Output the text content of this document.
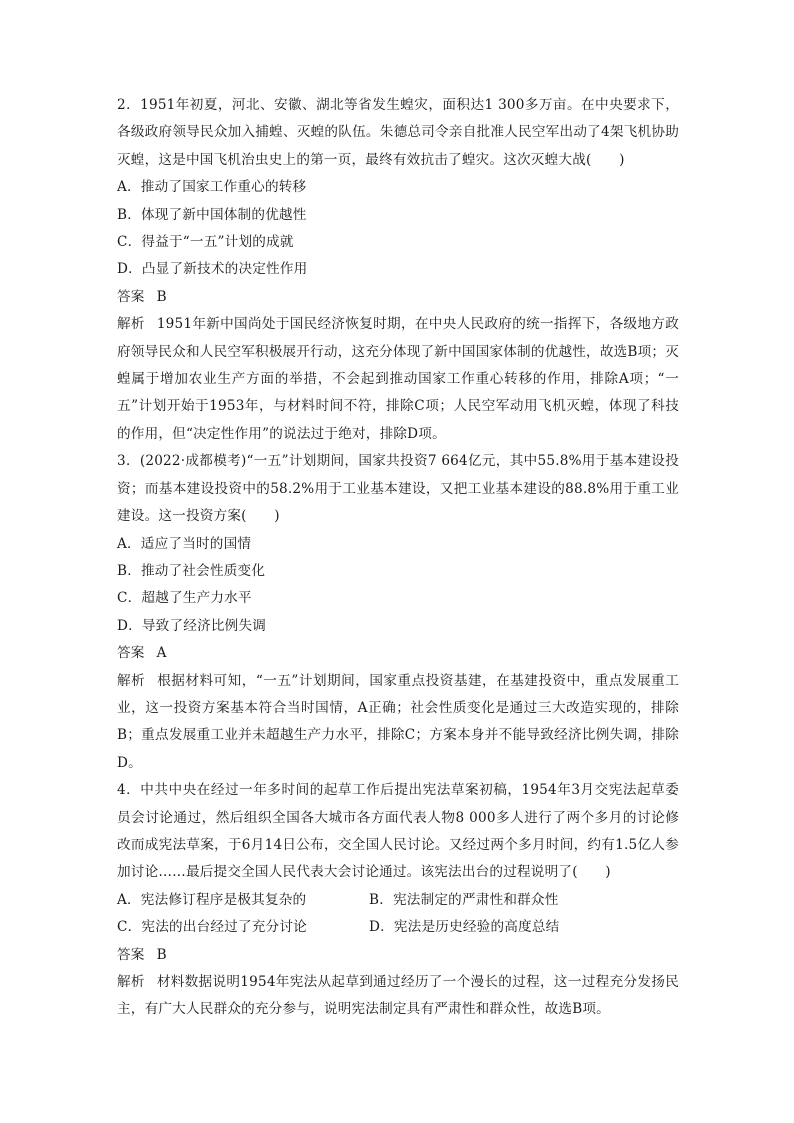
2．1951年初夏，河北、安徽、湖北等省发生蝗灾，面积达1 300多万亩。在中央要求下，各级政府领导民众加入捕蝗、灭蝗的队伍。朱德总司令亲自批准人民空军出动了4架飞机协助灭蝗，这是中国飞机治虫史上的第一页，最终有效抗击了蝗灾。这次灭蝗大战(　　)

A．推动了国家工作重心的转移

B．体现了新中国体制的优越性

C．得益于“一五”计划的成就

D．凸显了新技术的决定性作用

答案 B

解析 1951年新中国尚处于国民经济恢复时期，在中央人民政府的统一指挥下，各级地方政府领导民众和人民空军积极展开行动，这充分体现了新中国国家体制的优越性，故选B项；灭蝗属于增加农业生产方面的举措，不会起到推动国家工作重心转移的作用，排除A项；“一五”计划开始于1953年，与材料时间不符，排除C项；人民空军动用飞机灭蝗，体现了科技的作用，但“决定性作用”的说法过于绝对，排除D项。

3．(2022·成都模考)“一五”计划期间，国家共投资7 664亿元，其中55.8%用于基本建设投资；而基本建设投资中的58.2%用于工业基本建设，又把工业基本建设的88.8%用于重工业建设。这一投资方案(　　)

A．适应了当时的国情

B．推动了社会性质变化

C．超越了生产力水平

D．导致了经济比例失调

答案 A

解析 根据材料可知，“一五”计划期间，国家重点投资基建，在基建投资中，重点发展重工业，这一投资方案基本符合当时国情，A正确；社会性质变化是通过三大改造实现的，排除B；重点发展重工业并未超越生产力水平，排除C；方案本身并不能导致经济比例失调，排除D。

4．中共中央在经过一年多时间的起草工作后提出宪法草案初稿，1954年3月交宪法起草委员会讨论通过，然后组织全国各大城市各方面代表人物8 000多人进行了两个多月的讨论修改而成宪法草案，于6月14日公布，交全国人民讨论。又经过两个多月时间，约有1.5亿人参加讨论……最后提交全国人民代表大会讨论通过。该宪法出台的过程说明了(　　)

A．宪法修订程序是极其复杂的	B．宪法制定的严肃性和群众性
C．宪法的出台经过了充分讨论	D．宪法是历史经验的高度总结

答案 B

解析 材料数据说明1954年宪法从起草到通过经历了一个漫长的过程，这一过程充分发扬民主，有广大人民群众的充分参与，说明宪法制定具有严肃性和群众性，故选B项。
